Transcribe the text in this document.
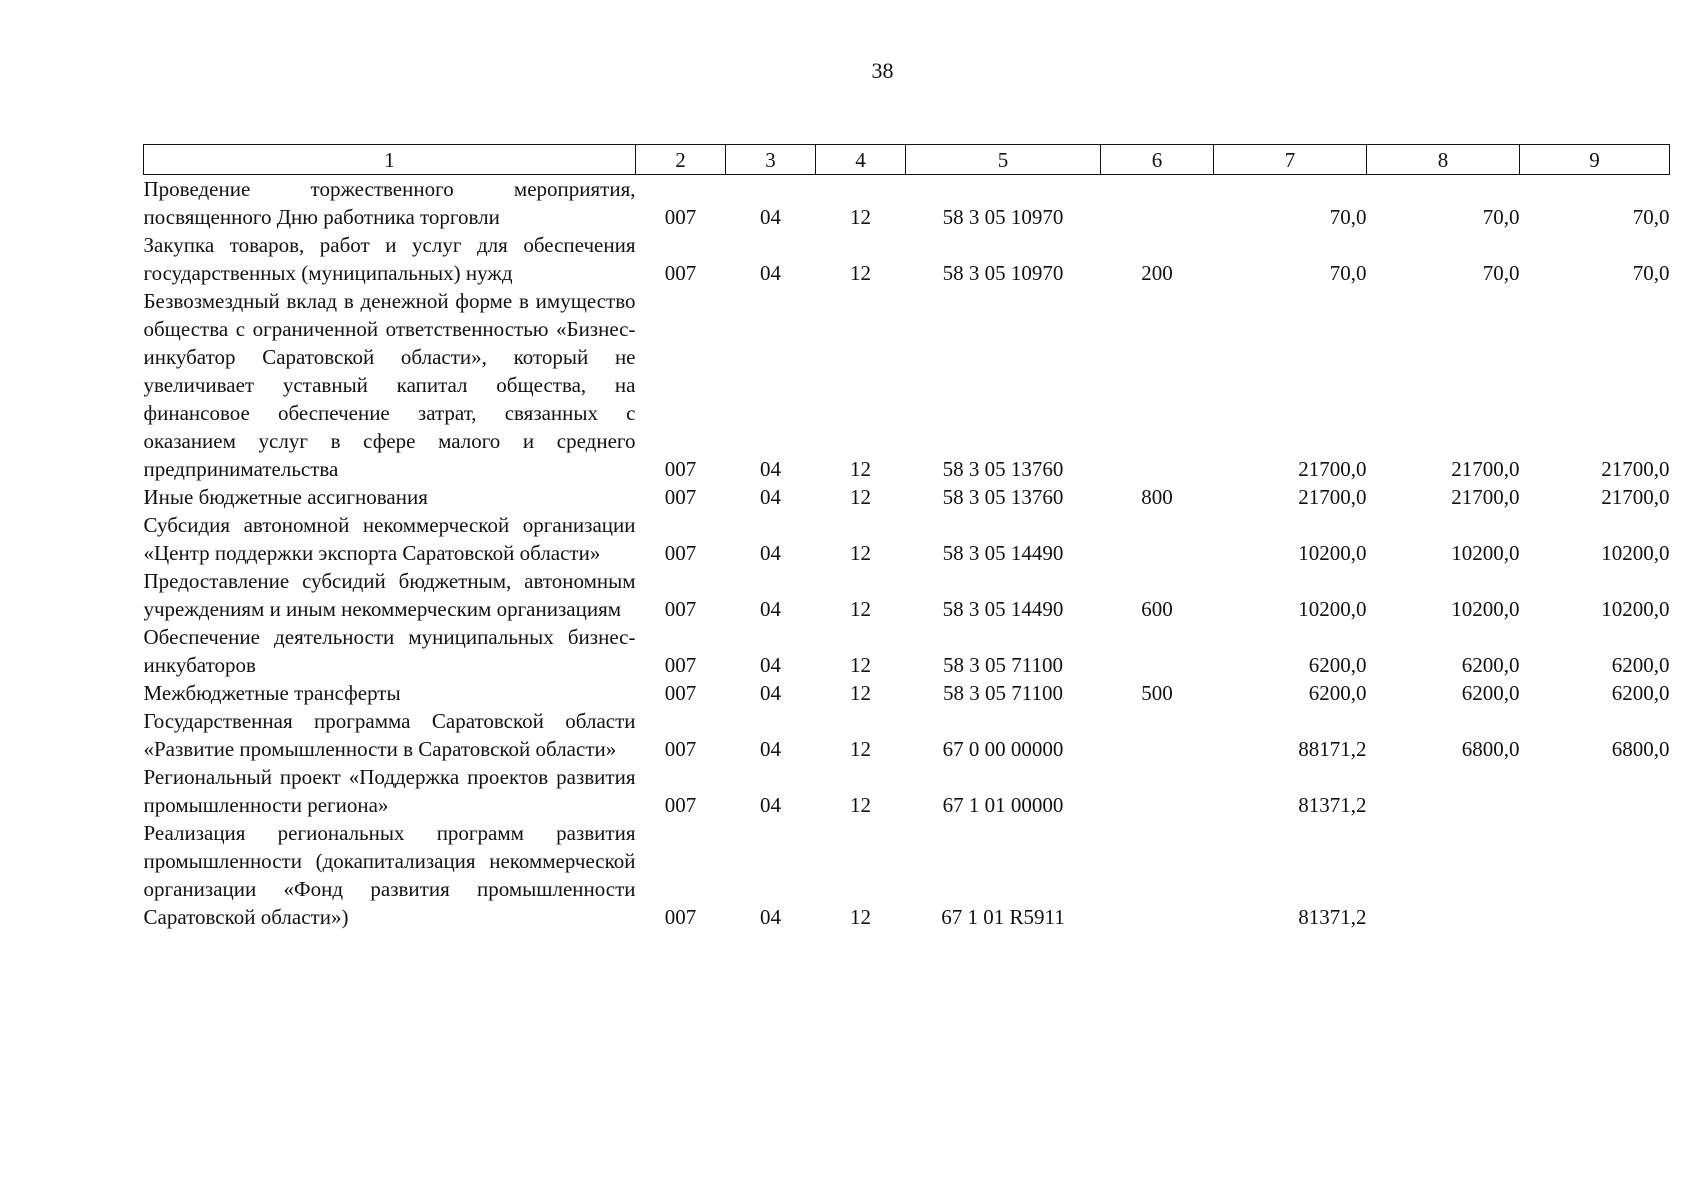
38
1	2	3	4	5	6	7	8	9
Проведение торжественного мероприятия, посвященного Дню работника торговли	007	04	12	58 3 05 10970		70,0	70,0	70,0
Закупка товаров, работ и услуг для обеспечения государственных (муниципальных) нужд	007	04	12	58 3 05 10970	200	70,0	70,0	70,0
Безвозмездный вклад в денежной форме в имущество общества с ограниченной ответственностью «Бизнес-инкубатор Саратовской области», который не увеличивает уставный капитал общества, на финансовое обеспечение затрат, связанных с оказанием услуг в сфере малого и среднего предпринимательства	007	04	12	58 3 05 13760		21700,0	21700,0	21700,0
Иные бюджетные ассигнования	007	04	12	58 3 05 13760	800	21700,0	21700,0	21700,0
Субсидия автономной некоммерческой организации «Центр поддержки экспорта Саратовской области»	007	04	12	58 3 05 14490		10200,0	10200,0	10200,0
Предоставление субсидий бюджетным, автономным учреждениям и иным некоммерческим организациям	007	04	12	58 3 05 14490	600	10200,0	10200,0	10200,0
Обеспечение деятельности муниципальных бизнес-инкубаторов	007	04	12	58 3 05 71100		6200,0	6200,0	6200,0
Межбюджетные трансферты	007	04	12	58 3 05 71100	500	6200,0	6200,0	6200,0
Государственная программа Саратовской области «Развитие промышленности в Саратовской области»	007	04	12	67 0 00 00000		88171,2	6800,0	6800,0
Региональный проект «Поддержка проектов развития промышленности региона»	007	04	12	67 1 01 00000		81371,2		
Реализация региональных программ развития промышленности (докапитализация некоммерческой организации «Фонд развития промышленности Саратовской области»)	007	04	12	67 1 01 R5911		81371,2		
